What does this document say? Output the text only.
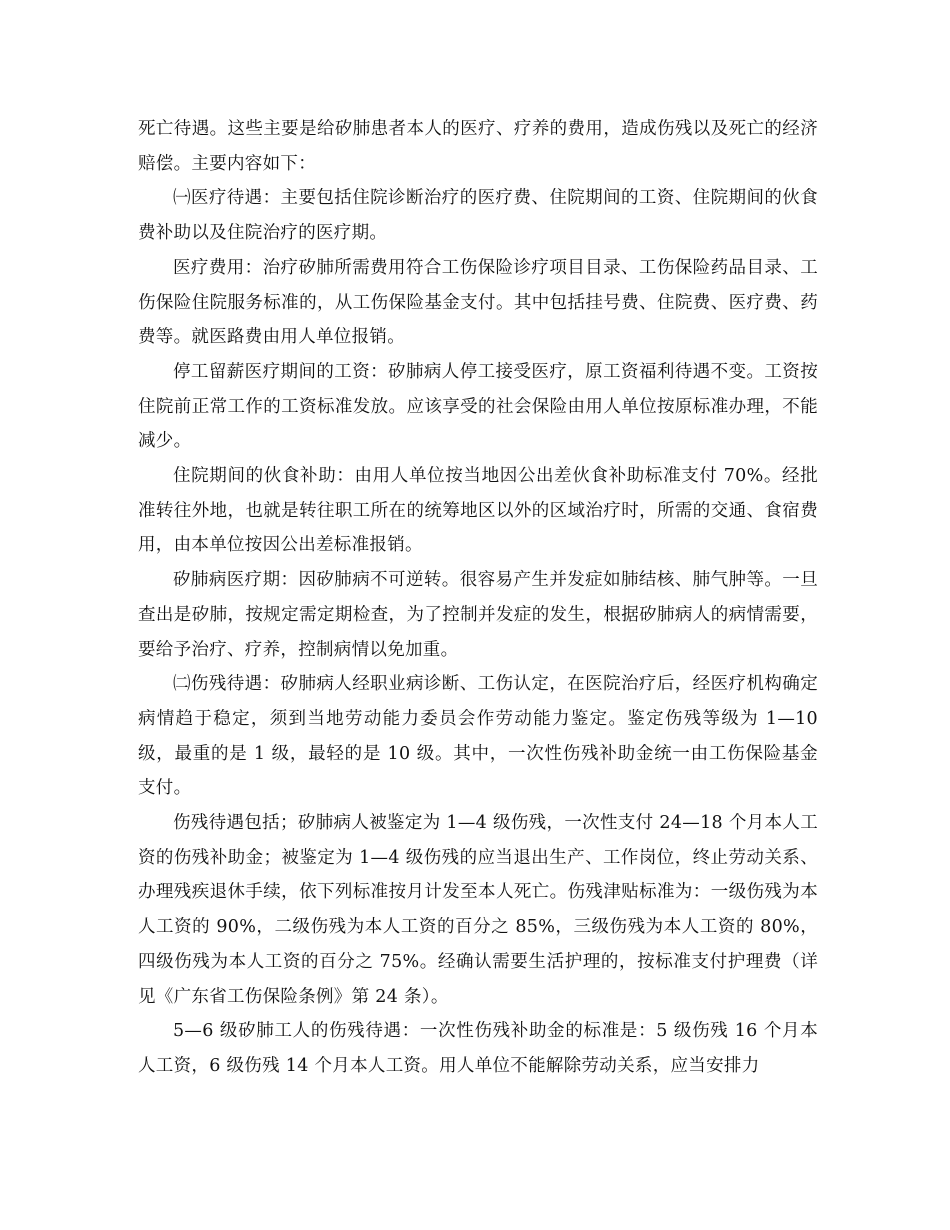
死亡待遇。这些主要是给矽肺患者本人的医疗、疗养的费用，造成伤残以及死亡的经济赔偿。主要内容如下：

㈠医疗待遇：主要包括住院诊断治疗的医疗费、住院期间的工资、住院期间的伙食费补助以及住院治疗的医疗期。

医疗费用：治疗矽肺所需费用符合工伤保险诊疗项目目录、工伤保险药品目录、工伤保险住院服务标准的，从工伤保险基金支付。其中包括挂号费、住院费、医疗费、药费等。就医路费由用人单位报销。

停工留薪医疗期间的工资：矽肺病人停工接受医疗，原工资福利待遇不变。工资按住院前正常工作的工资标准发放。应该享受的社会保险由用人单位按原标准办理，不能减少。

住院期间的伙食补助：由用人单位按当地因公出差伙食补助标准支付 70%。经批准转往外地，也就是转往职工所在的统筹地区以外的区域治疗时，所需的交通、食宿费用，由本单位按因公出差标准报销。

矽肺病医疗期：因矽肺病不可逆转。很容易产生并发症如肺结核、肺气肿等。一旦查出是矽肺，按规定需定期检查，为了控制并发症的发生，根据矽肺病人的病情需要，要给予治疗、疗养，控制病情以免加重。

㈡伤残待遇：矽肺病人经职业病诊断、工伤认定，在医院治疗后，经医疗机构确定病情趋于稳定，须到当地劳动能力委员会作劳动能力鉴定。鉴定伤残等级为 1—10 级，最重的是 1 级，最轻的是 10 级。其中，一次性伤残补助金统一由工伤保险基金支付。

伤残待遇包括；矽肺病人被鉴定为 1—4 级伤残，一次性支付 24—18 个月本人工资的伤残补助金；被鉴定为 1—4 级伤残的应当退出生产、工作岗位，终止劳动关系、办理残疾退休手续，依下列标准按月计发至本人死亡。伤残津贴标准为：一级伤残为本人工资的 90%，二级伤残为本人工资的百分之 85%，三级伤残为本人工资的 80%，四级伤残为本人工资的百分之 75%。经确认需要生活护理的，按标准支付护理费（详见《广东省工伤保险条例》第 24 条）。

5—6 级矽肺工人的伤残待遇：一次性伤残补助金的标准是：5 级伤残 16 个月本人工资，6 级伤残 14 个月本人工资。用人单位不能解除劳动关系，应当安排力
